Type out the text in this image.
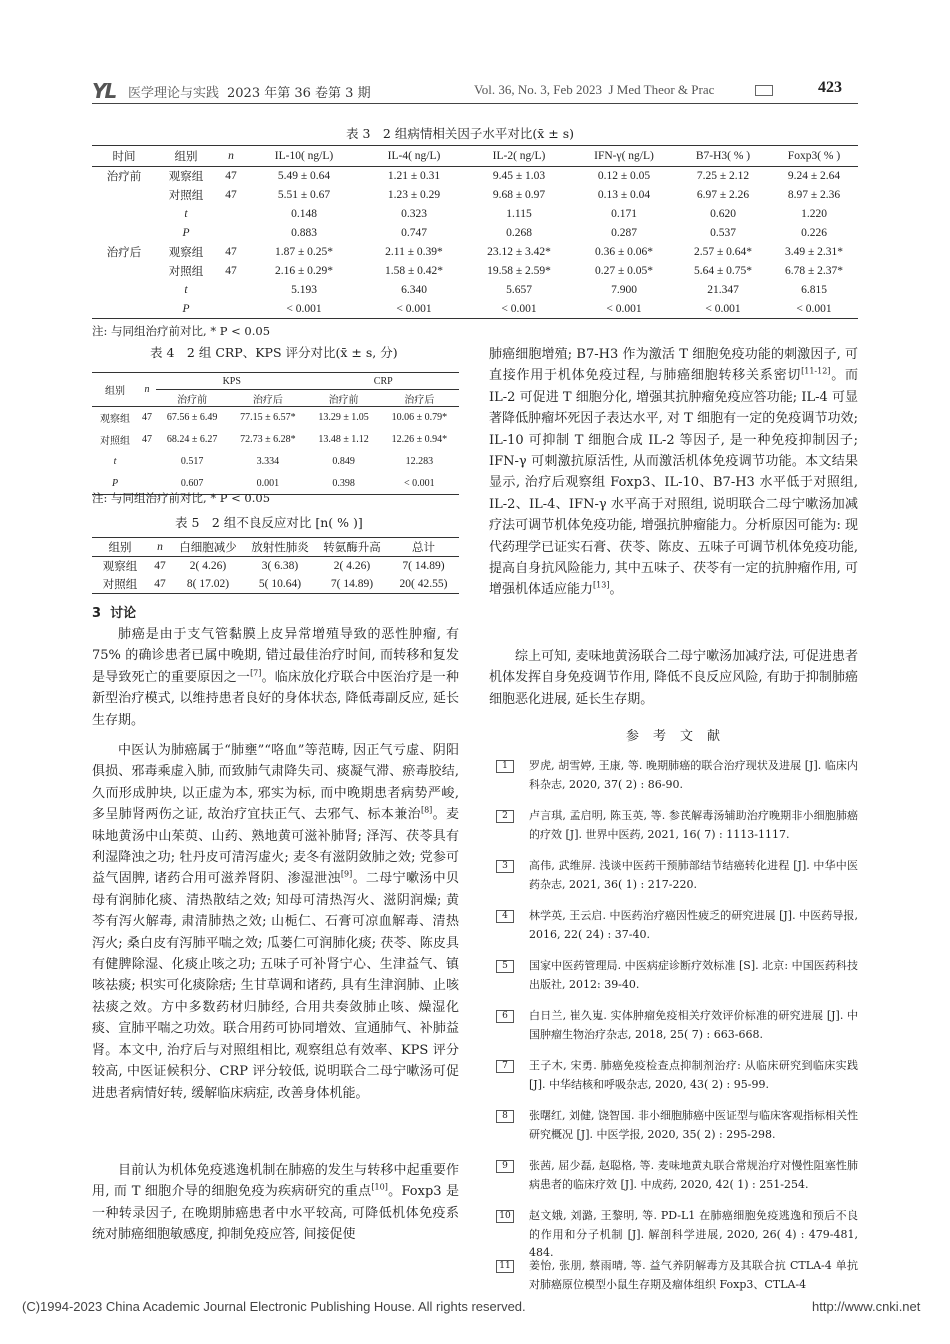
YL 医学理论与实践 2023 年第 36 卷第 3 期	Vol. 36, No. 3, Feb 2023 J Med Theor & Prac	423
表 3　2 组病情相关因子水平对比(x̄ ± s)
时间	组别	n	IL-10( ng/L)	IL-4( ng/L)	IL-2( ng/L)	IFN-γ( ng/L)	B7-H3( % )	Foxp3( % )
治疗前	观察组	47	5.49 ± 0.64	1.21 ± 0.31	9.45 ± 1.03	0.12 ± 0.05	7.25 ± 2.12	9.24 ± 2.64
	对照组	47	5.51 ± 0.67	1.23 ± 0.29	9.68 ± 0.97	0.13 ± 0.04	6.97 ± 2.26	8.97 ± 2.36
	t		0.148	0.323	1.115	0.171	0.620	1.220
	P		0.883	0.747	0.268	0.287	0.537	0.226
治疗后	观察组	47	1.87 ± 0.25*	2.11 ± 0.39*	23.12 ± 3.42*	0.36 ± 0.06*	2.57 ± 0.64*	3.49 ± 2.31*
	对照组	47	2.16 ± 0.29*	1.58 ± 0.42*	19.58 ± 2.59*	0.27 ± 0.05*	5.64 ± 0.75*	6.78 ± 2.37*
	t		5.193	6.340	5.657	7.900	21.347	6.815
	P		< 0.001	< 0.001	< 0.001	< 0.001	< 0.001	< 0.001
注: 与同组治疗前对比, * P < 0.05
表 4　2 组 CRP、KPS 评分对比(x̄ ± s, 分)
组别	n	KPS		CRP	
		治疗前	治疗后	治疗前	治疗后
观察组	47	67.56 ± 6.49	77.15 ± 6.57*	13.29 ± 1.05	10.06 ± 0.79*
对照组	47	68.24 ± 6.27	72.73 ± 6.28*	13.48 ± 1.12	12.26 ± 0.94*
t		0.517	3.334	0.849	12.283
P		0.607	0.001	0.398	< 0.001
注: 与同组治疗前对比, * P < 0.05
表 5　2 组不良反应对比 [n( % )]
组别	n	白细胞减少	放射性肺炎	转氨酶升高	总计
观察组	47	2( 4.26)	3( 6.38)	2( 4.26)	7( 14.89)
对照组	47	8( 17.02)	5( 10.64)	7( 14.89)	20( 42.55)
3 讨论
肺癌是由于支气管黏膜上皮异常增殖导致的恶性肿瘤, 有 75% 的确诊患者已属中晚期, 错过最佳治疗时间, 而转移和复发是导致死亡的重要原因之一[7]。临床放化疗联合中医治疗是一种新型治疗模式, 以维持患者良好的身体状态, 降低毒副反应, 延长生存期。
中医认为肺癌属于“肺壅”“咯血”等范畴, 因正气亏虚、阴阳俱损、邪毒乘虚入肺, 而致肺气肃降失司、痰凝气滞、瘀毒胶结, 久而形成肿块, 以正虚为本, 邪实为标, 而中晚期患者病势严峻, 多呈肺肾两伤之证, 故治疗宜扶正气、去邪气、标本兼治[8]。麦味地黄汤中山茱萸、山药、熟地黄可滋补肺肾; 泽泻、茯苓具有利湿降浊之功; 牡丹皮可清泻虚火; 麦冬有滋阴敛肺之效; 党参可益气固脾, 诸药合用可滋养肾阴、渗湿泄浊[9]。二母宁嗽汤中贝母有润肺化痰、清热散结之效; 知母可清热泻火、滋阴润燥; 黄芩有泻火解毒, 肃清肺热之效; 山栀仁、石膏可凉血解毒、清热泻火; 桑白皮有泻肺平喘之效; 瓜蒌仁可润肺化痰; 茯苓、陈皮具有健脾除湿、化痰止咳之功; 五味子可补肾宁心、生津益气、镇咳祛痰; 枳实可化痰除痞; 生甘草调和诸药, 具有生津润肺、止咳祛痰之效。方中多数药材归肺经, 合用共奏敛肺止咳、燥湿化痰、宣肺平喘之功效。联合用药可协同增效、宣通肺气、补肺益肾。本文中, 治疗后与对照组相比, 观察组总有效率、KPS 评分较高, 中医证候积分、CRP 评分较低, 说明联合二母宁嗽汤可促进患者病情好转, 缓解临床病症, 改善身体机能。
目前认为机体免疫逃逸机制在肺癌的发生与转移中起重要作用, 而 T 细胞介导的细胞免疫为疾病研究的重点[10]。Foxp3 是一种转录因子, 在晚期肺癌患者中水平较高, 可降低机体免疫系统对肺癌细胞敏感度, 抑制免疫应答, 间接促使
肺癌细胞增殖; B7-H3 作为激活 T 细胞免疫功能的刺激因子, 可直接作用于机体免疫过程, 与肺癌细胞转移关系密切[11-12]。而 IL-2 可促进 T 细胞分化, 增强其抗肿瘤免疫应答功能; IL-4 可显著降低肿瘤坏死因子表达水平, 对 T 细胞有一定的免疫调节功效; IL-10 可抑制 T 细胞合成 IL-2 等因子, 是一种免疫抑制因子; IFN-γ 可刺激抗原活性, 从而激活机体免疫调节功能。本文结果显示, 治疗后观察组 Foxp3、IL-10、B7-H3 水平低于对照组, IL-2、IL-4、IFN-γ 水平高于对照组, 说明联合二母宁嗽汤加减疗法可调节机体免疫功能, 增强抗肿瘤能力。分析原因可能为: 现代药理学已证实石膏、茯苓、陈皮、五味子可调节机体免疫功能, 提高自身抗风险能力, 其中五味子、茯苓有一定的抗肿瘤作用, 可增强机体适应能力[13]。
综上可知, 麦味地黄汤联合二母宁嗽汤加减疗法, 可促进患者机体发挥自身免疫调节作用, 降低不良反应风险, 有助于抑制肺癌细胞恶化进展, 延长生存期。
参考文献
1	罗虎, 胡雪婷, 王康, 等. 晚期肺癌的联合治疗现状及进展 [J]. 临床内科杂志, 2020, 37( 2) : 86-90.
2	卢言琪, 孟启明, 陈玉英, 等. 参芪解毒汤辅助治疗晚期非小细胞肺癌的疗效 [J]. 世界中医药, 2021, 16( 7) : 1113-1117.
3	高伟, 武维屏. 浅谈中医药干预肺部结节结癌转化进程 [J]. 中华中医药杂志, 2021, 36( 1) : 217-220.
4	林学英, 王云启. 中医药治疗癌因性疲乏的研究进展 [J]. 中医药导报, 2016, 22( 24) : 37-40.
5	国家中医药管理局. 中医病症诊断疗效标准 [S]. 北京: 中国医药科技出版社, 2012: 39-40.
6	白日兰, 崔久嵬. 实体肿瘤免疫相关疗效评价标准的研究进展 [J]. 中国肿瘤生物治疗杂志, 2018, 25( 7) : 663-668.
7	王子木, 宋勇. 肺癌免疫检查点抑制剂治疗: 从临床研究到临床实践 [J]. 中华结核和呼吸杂志, 2020, 43( 2) : 95-99.
8	张曙红, 刘健, 饶智国. 非小细胞肺癌中医证型与临床客观指标相关性研究概况 [J]. 中医学报, 2020, 35( 2) : 295-298.
9	张茜, 屈少磊, 赵聪格, 等. 麦味地黄丸联合常规治疗对慢性阻塞性肺病患者的临床疗效 [J]. 中成药, 2020, 42( 1) : 251-254.
10 赵文娥, 刘潞, 王黎明, 等. PD-L1 在肺癌细胞免疫逃逸和预后不良的作用和分子机制 [J]. 解剖科学进展, 2020, 26( 4) : 479-481, 484.
11 姜怡, 张朋, 蔡雨晴, 等. 益气养阴解毒方及其联合抗 CTLA-4 单抗对肺癌原位模型小鼠生存期及瘤体组织 Foxp3、CTLA-4
(C)1994-2023 China Academic Journal Electronic Publishing House. All rights reserved.	http://www.cnki.net
